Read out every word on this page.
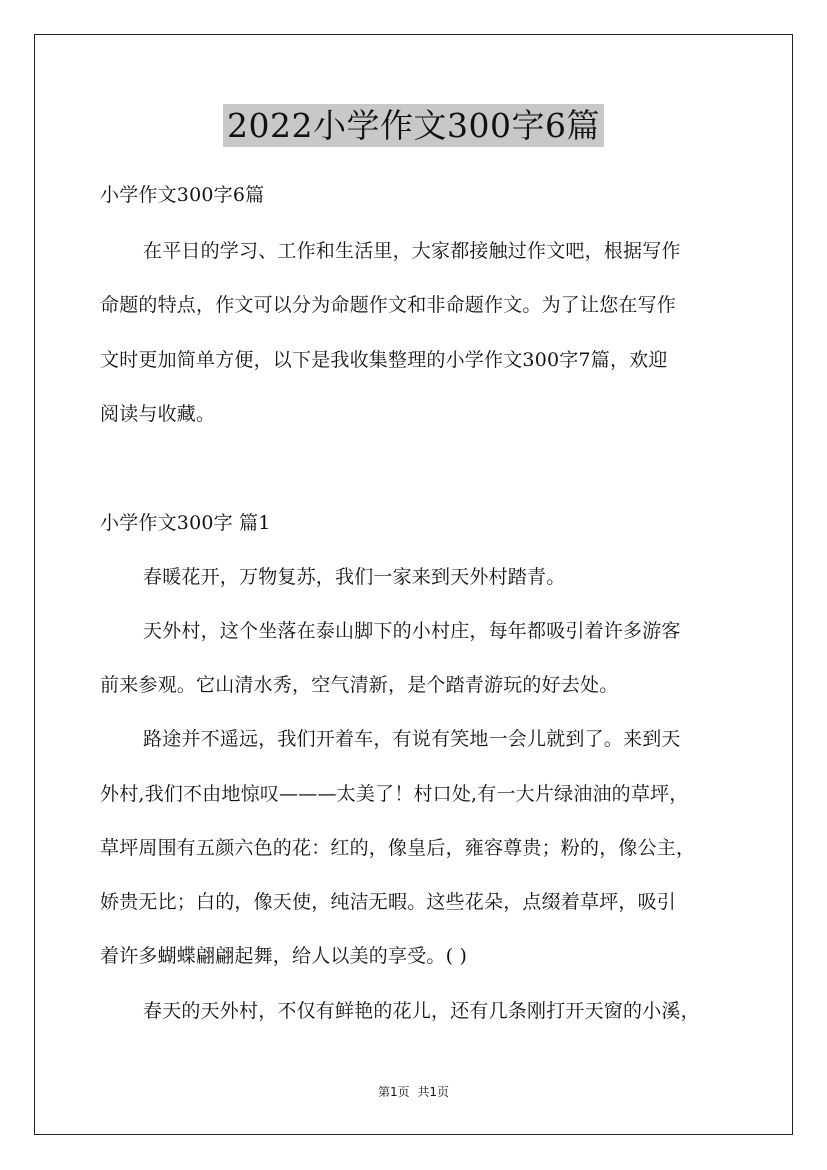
2022小学作文300字6篇
小学作文300字6篇
在平日的学习、工作和生活里，大家都接触过作文吧，根据写作
命题的特点，作文可以分为命题作文和非命题作文。为了让您在写作
文时更加简单方便，以下是我收集整理的小学作文300字7篇，欢迎
阅读与收藏。
小学作文300字 篇1
春暖花开，万物复苏，我们一家来到天外村踏青。
天外村，这个坐落在泰山脚下的小村庄，每年都吸引着许多游客
前来参观。它山清水秀，空气清新，是个踏青游玩的好去处。
路途并不遥远，我们开着车，有说有笑地一会儿就到了。来到天
外村,我们不由地惊叹———太美了！村口处,有一大片绿油油的草坪，
草坪周围有五颜六色的花：红的，像皇后，雍容尊贵；粉的，像公主，
娇贵无比；白的，像天使，纯洁无暇。这些花朵，点缀着草坪，吸引
着许多蝴蝶翩翩起舞，给人以美的享受。( )
春天的天外村，不仅有鲜艳的花儿，还有几条刚打开天窗的小溪，
第1页 共1页
